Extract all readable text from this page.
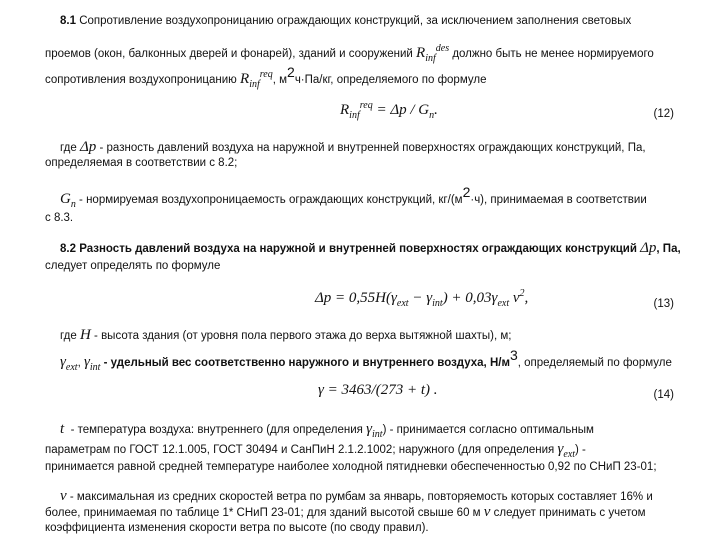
8.1 Сопротивление воздухопроницанию ограждающих конструкций, за исключением заполнения световых
проемов (окон, балконных дверей и фонарей), зданий и сооружений $R_{inf}^{des}$ должно быть не менее нормируемого
сопротивления воздухопроницанию $R_{inf}^{req}$, м2ч·Па/кг, определяемого по формуле
$R_{inf}^{req} = \Delta p / G_n$.	(12)
где Δp - разность давлений воздуха на наружной и внутренней поверхностях ограждающих конструкций, Па,
определяемая в соответствии с 8.2;
$G_n$ - нормируемая воздухопроницаемость ограждающих конструкций, кг/(м2·ч), принимаемая в соответствии
с 8.3.
8.2 Разность давлений воздуха на наружной и внутренней поверхностях ограждающих конструкций Δp, Па,
следует определять по формуле
$\Delta p = 0,55H(\gamma_{ext} - \gamma_{int}) + 0,03\gamma_{ext}$ $v^2$,	(13)
где H - высота здания (от уровня пола первого этажа до верха вытяжной шахты), м;
$\gamma_{ext}$, $\gamma_{int}$ - удельный вес соответственно наружного и внутреннего воздуха, Н/м3, определяемый по формуле
γ = 3463/(273 + t) .	(14)
t - температура воздуха: внутреннего (для определения $\gamma_{int}$) - принимается согласно оптимальным
параметрам по ГОСТ 12.1.005, ГОСТ 30494 и СанПиН 2.1.2.1002; наружного (для определения $\gamma_{ext}$) -
принимается равной средней температуре наиболее холодной пятидневки обеспеченностью 0,92 по СНиП 23-01;
v - максимальная из средних скоростей ветра по румбам за январь, повторяемость которых составляет 16% и
более, принимаемая по таблице 1* СНиП 23-01; для зданий высотой свыше 60 м v следует принимать с учетом
коэффициента изменения скорости ветра по высоте (по своду правил).
